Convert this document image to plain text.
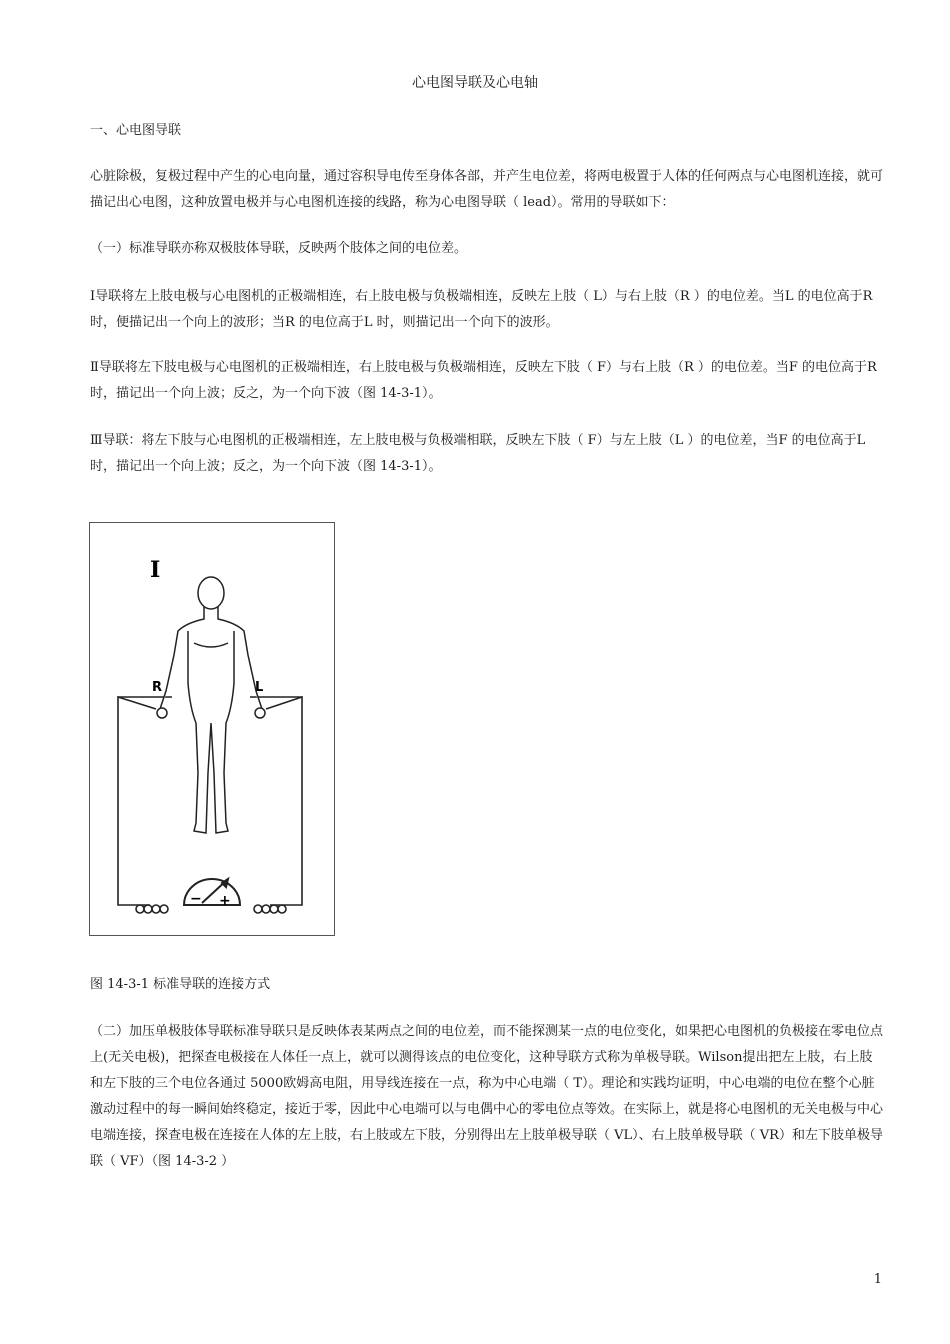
心电图导联及心电轴

一、心电图导联

心脏除极，复极过程中产生的心电向量，通过容积导电传至身体各部，并产生电位差，将两电极置于人体的任何两点与心电图机连接，就可描记出心电图，这种放置电极并与心电图机连接的线路，称为心电图导联（ lead）。常用的导联如下：

（一）标准导联亦称双极肢体导联，反映两个肢体之间的电位差。

Ⅰ导联将左上肢电极与心电图机的正极端相连，右上肢电极与负极端相连，反映左上肢（ L）与右上肢（R ）的电位差。当L 的电位高于R 时，便描记出一个向上的波形；当R 的电位高于L 时，则描记出一个向下的波形。

Ⅱ导联将左下肢电极与心电图机的正极端相连，右上肢电极与负极端相连，反映左下肢（ F）与右上肢（R ）的电位差。当F 的电位高于R 时，描记出一个向上波；反之，为一个向下波（图 14-3-1）。

Ⅲ导联：将左下肢与心电图机的正极端相连，左上肢电极与负极端相联，反映左下肢（ F）与左上肢（L ）的电位差，当F 的电位高于L 时，描记出一个向上波；反之，为一个向下波（图 14-3-1）。

I
R	L
− +
图 14-3-1 标准导联的连接方式

（二）加压单极肢体导联标准导联只是反映体表某两点之间的电位差，而不能探测某一点的电位变化，如果把心电图机的负极接在零电位点上(无关电极)，把探查电极接在人体任一点上，就可以测得该点的电位变化，这种导联方式称为单极导联。Wilson提出把左上肢，右上肢和左下肢的三个电位各通过 5000欧姆高电阻，用导线连接在一点，称为中心电端（ T）。理论和实践均证明，中心电端的电位在整个心脏激动过程中的每一瞬间始终稳定，接近于零，因此中心电端可以与电偶中心的零电位点等效。在实际上，就是将心电图机的无关电极与中心电端连接，探查电极在连接在人体的左上肢，右上肢或左下肢，分别得出左上肢单极导联（ VL）、右上肢单极导联（ VR）和左下肢单极导联（ VF）（图 14-3-2 ）

1
